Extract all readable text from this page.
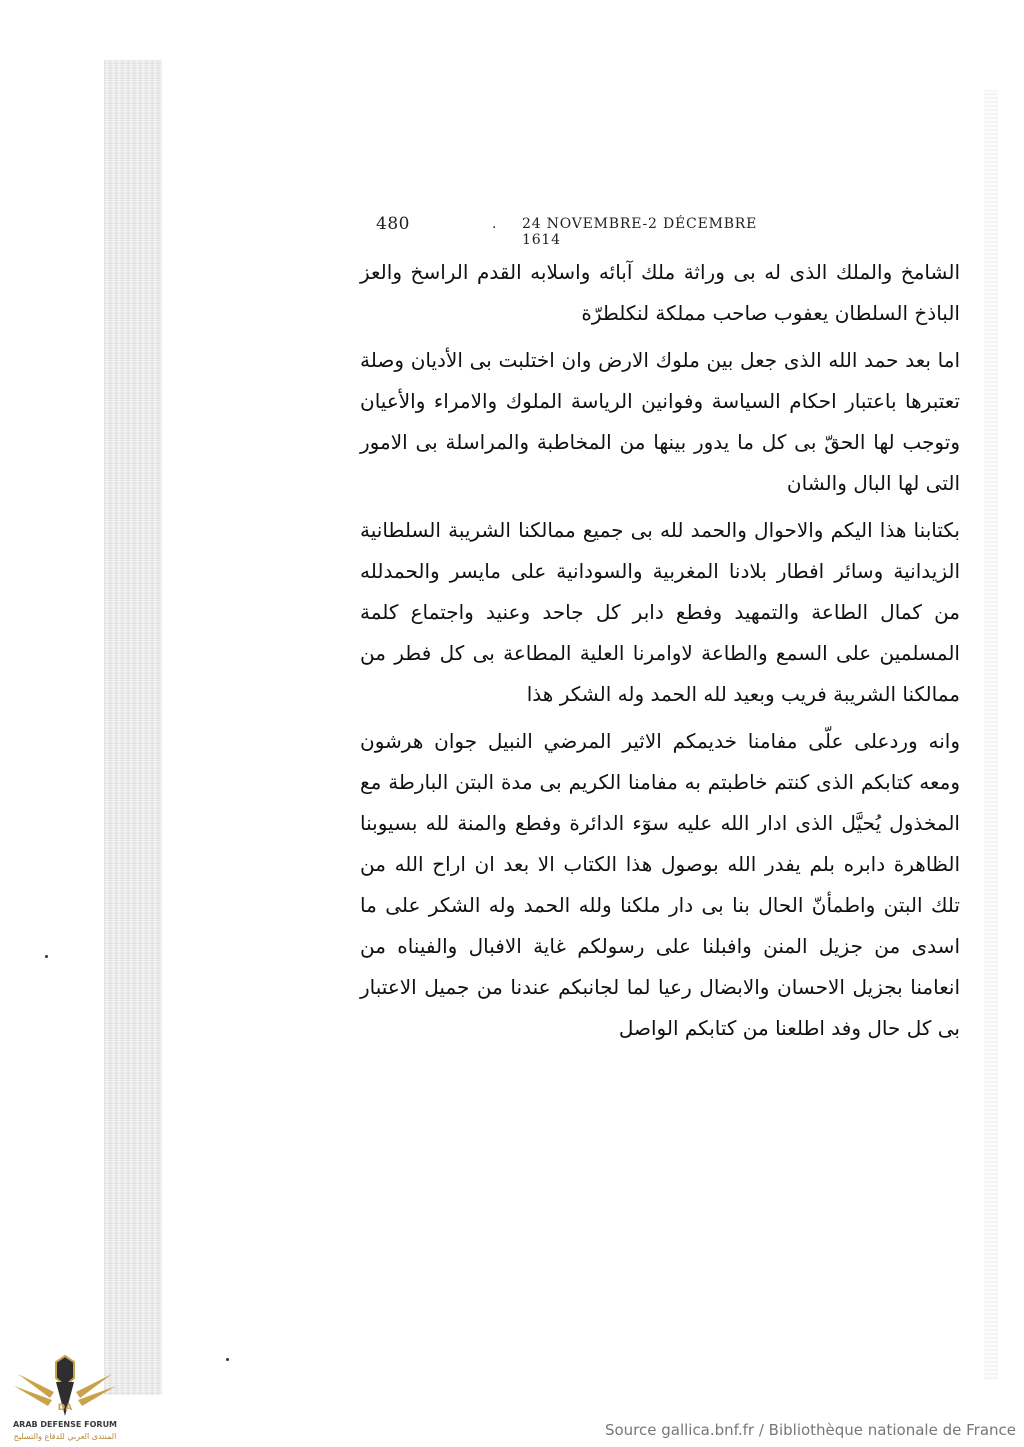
480	. 24 NOVEMBRE-2 DÉCEMBRE 1614

الشامخ والملك الذى له بى وراثة ملك آبائه واسلابه القدم الراسخ والعز الباذخ السلطان يعفوب صاحب مملكة لنكلطرّة

اما بعد حمد الله الذى جعل بين ملوك الارض وان اختلبت بى الأديان وصلة تعتبرها باعتبار احكام السياسة وفوانين الرياسة الملوك والامراء والأعيان وتوجب لها الحقّ بى كل ما يدور بينها من المخاطبة والمراسلة بى الامور التى لها البال والشان

بكتابنا هذا اليكم والاحوال والحمد لله بى جميع ممالكنا الشريبة السلطانية الزيدانية وسائر افطار بلادنا المغربية والسودانية على مايسر والحمدلله من كمال الطاعة والتمهيد وفطع دابر كل جاحد وعنيد واجتماع كلمة المسلمين على السمع والطاعة لاوامرنا العلية المطاعة بى كل فطر من ممالكنا الشريبة فريب وبعيد لله الحمد وله الشكر هذا

وانه وردعلى علّى مفامنا خديمكم الاثير المرضي النبيل جوان هرشون ومعه كتابكم الذى كنتم خاطبتم به مفامنا الكريم بى مدة البتن البارطة مع المخذول يُحيَّل الذى ادار الله عليه سوٓء الدائرة وفطع والمنة لله بسيوبنا الظاهرة دابره بلم يفدر الله بوصول هذا الكتاب الا بعد ان اراح الله من تلك البتن واطمأنّ الحال بنا بى دار ملكنا ولله الحمد وله الشكر على ما اسدى من جزيل المنن وافبلنا على رسولكم غاية الافبال والفيناه من انعامنا بجزيل الاحسان والابضال رعيا لما لجانبكم عندنا من جميل الاعتبار بى كل حال وفد اطلعنا من كتابكم الواصل

DA
ARAB DEFENSE FORUM
المنتدى العربي للدفاع والتسليح	Source gallica.bnf.fr / Bibliothèque nationale de France
